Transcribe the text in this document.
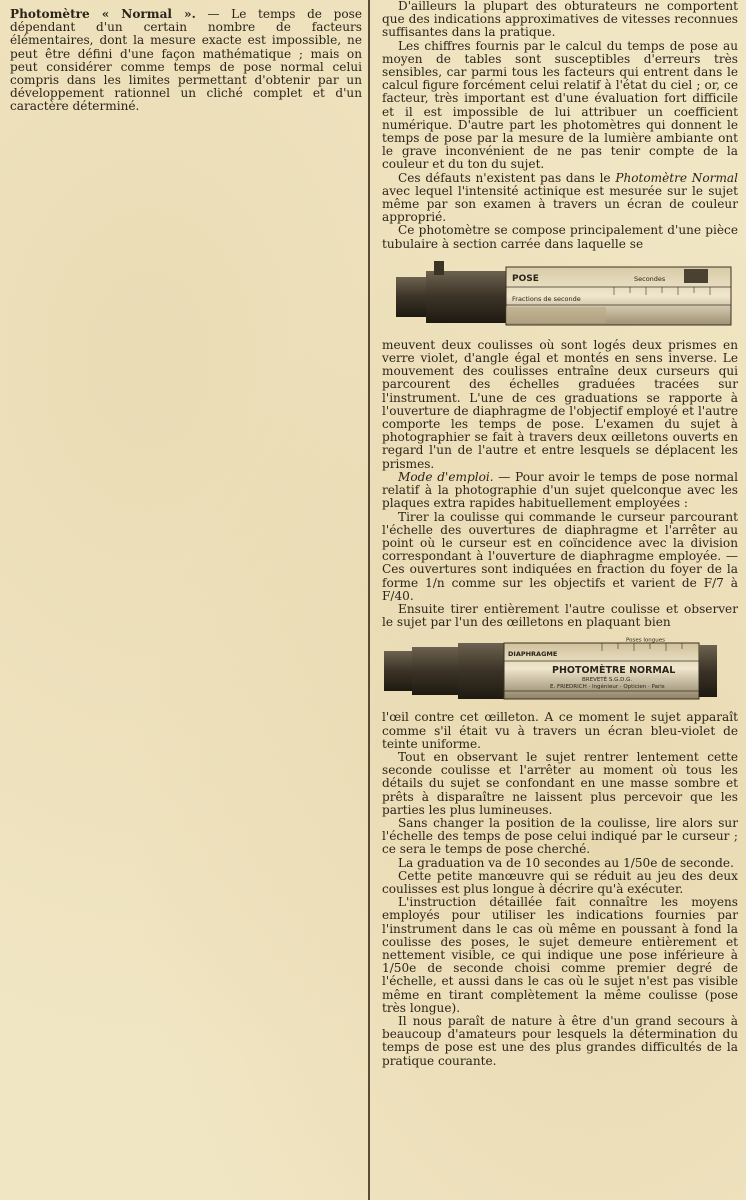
Photomètre « Normal ». — Le temps de pose dépendant d'un certain nombre de facteurs élémentaires, dont la mesure exacte est impossible, ne peut être défini d'une façon mathématique ; mais on peut considérer comme temps de pose normal celui compris dans les limites permettant d'obtenir par un développement rationnel un cliché complet et d'un caractère déterminé.

D'ailleurs la plupart des obturateurs ne comportent que des indications approximatives de vitesses reconnues suffisantes dans la pratique.

Les chiffres fournis par le calcul du temps de pose au moyen de tables sont susceptibles d'erreurs très sensibles, car parmi tous les facteurs qui entrent dans le calcul figure forcément celui relatif à l'état du ciel ; or, ce facteur, très important est d'une évaluation fort difficile et il est impossible de lui attribuer un coefficient numérique. D'autre part les photomètres qui donnent le temps de pose par la mesure de la lumière ambiante ont le grave inconvénient de ne pas tenir compte de la couleur et du ton du sujet.

Ces défauts n'existent pas dans le Photomètre Normal avec lequel l'intensité actinique est mesurée sur le sujet même par son examen à travers un écran de couleur approprié.

Ce photomètre se compose principalement d'une pièce tubulaire à section carrée dans laquelle se

POSE
Fractions de seconde
Secondes

meuvent deux coulisses où sont logés deux prismes en verre violet, d'angle égal et montés en sens inverse. Le mouvement des coulisses entraîne deux curseurs qui parcourent des échelles graduées tracées sur l'instrument. L'une de ces graduations se rapporte à l'ouverture de diaphragme de l'objectif employé et l'autre comporte les temps de pose. L'examen du sujet à photographier se fait à travers deux œilletons ouverts en regard l'un de l'autre et entre lesquels se déplacent les prismes.

Mode d'emploi. — Pour avoir le temps de pose normal relatif à la photographie d'un sujet quelconque avec les plaques extra rapides habituellement employées :

Tirer la coulisse qui commande le curseur parcourant l'échelle des ouvertures de diaphragme et l'arrêter au point où le curseur est en coïncidence avec la division correspondant à l'ouverture de diaphragme employée. — Ces ouvertures sont indiquées en fraction du foyer de la forme 1/n comme sur les objectifs et varient de F/7 à F/40.

Ensuite tirer entièrement l'autre coulisse et observer le sujet par l'un des œilletons en plaquant bien

DIAPHRAGME
Poses longues
PHOTOMÈTRE NORMAL
BREVETÉ S.G.D.G.
E. FRIEDRICH · Ingénieur · Opticien · Paris

l'œil contre cet œilleton. A ce moment le sujet apparaît comme s'il était vu à travers un écran bleu-violet de teinte uniforme.

Tout en observant le sujet rentrer lentement cette seconde coulisse et l'arrêter au moment où tous les détails du sujet se confondant en une masse sombre et prêts à disparaître ne laissent plus percevoir que les parties les plus lumineuses.

Sans changer la position de la coulisse, lire alors sur l'échelle des temps de pose celui indiqué par le curseur ; ce sera le temps de pose cherché.

La graduation va de 10 secondes au 1/50e de seconde.

Cette petite manœuvre qui se réduit au jeu des deux coulisses est plus longue à décrire qu'à exécuter.

L'instruction détaillée fait connaître les moyens employés pour utiliser les indications fournies par l'instrument dans le cas où même en poussant à fond la coulisse des poses, le sujet demeure entièrement et nettement visible, ce qui indique une pose inférieure à 1/50e de seconde choisi comme premier degré de l'échelle, et aussi dans le cas où le sujet n'est pas visible même en tirant complètement la même coulisse (pose très longue).

Il nous paraît de nature à être d'un grand secours à beaucoup d'amateurs pour lesquels la détermination du temps de pose est une des plus grandes difficultés de la pratique courante.
